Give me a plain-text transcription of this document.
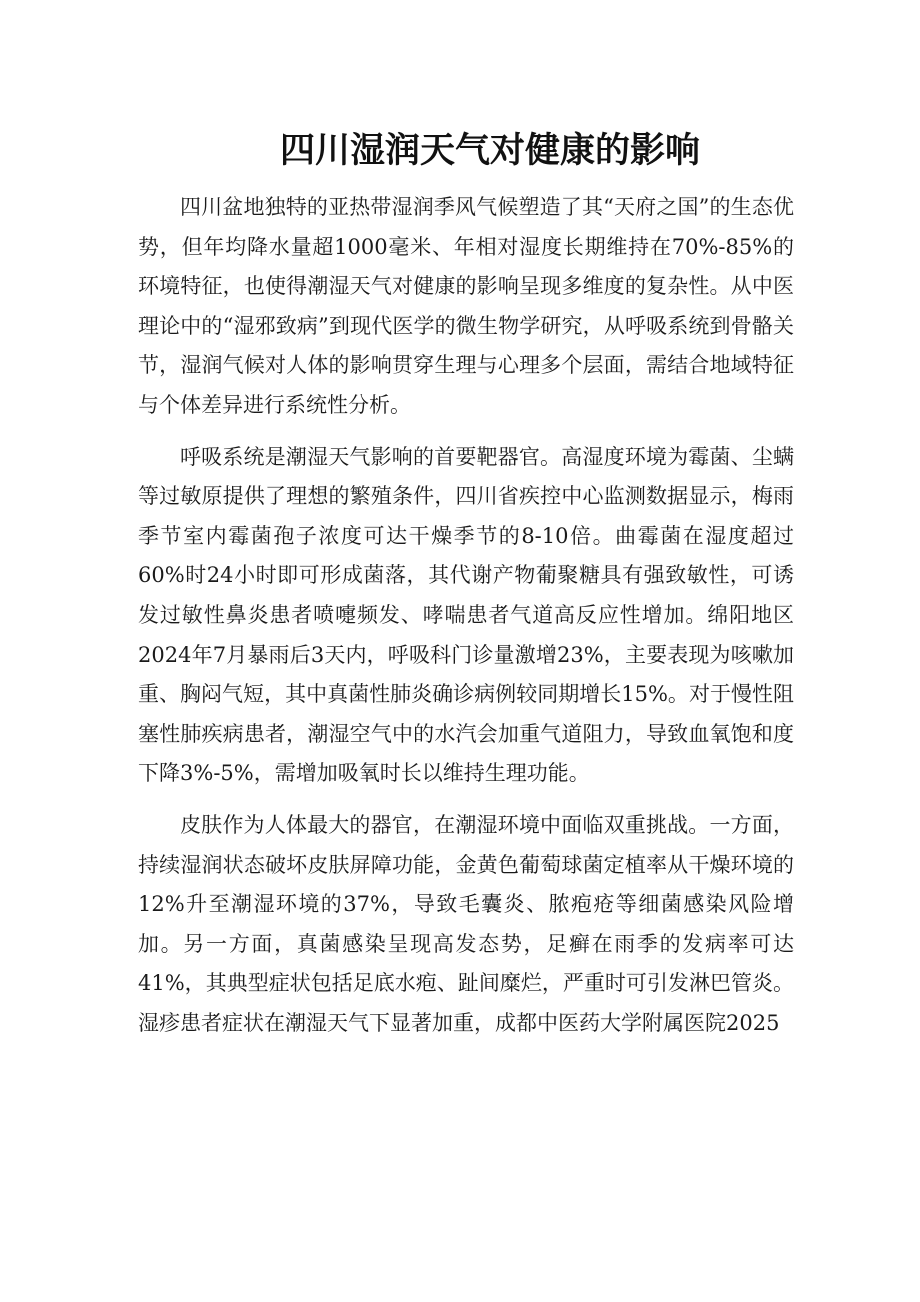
四川湿润天气对健康的影响

四川盆地独特的亚热带湿润季风气候塑造了其“天府之国”的生态优势，但年均降水量超1000毫米、年相对湿度长期维持在70%-85%的环境特征，也使得潮湿天气对健康的影响呈现多维度的复杂性。从中医理论中的“湿邪致病”到现代医学的微生物学研究，从呼吸系统到骨骼关节，湿润气候对人体的影响贯穿生理与心理多个层面，需结合地域特征与个体差异进行系统性分析。

呼吸系统是潮湿天气影响的首要靶器官。高湿度环境为霉菌、尘螨等过敏原提供了理想的繁殖条件，四川省疾控中心监测数据显示，梅雨季节室内霉菌孢子浓度可达干燥季节的8-10倍。曲霉菌在湿度超过60%时24小时即可形成菌落，其代谢产物葡聚糖具有强致敏性，可诱发过敏性鼻炎患者喷嚏频发、哮喘患者气道高反应性增加。绵阳地区2024年7月暴雨后3天内，呼吸科门诊量激增23%，主要表现为咳嗽加重、胸闷气短，其中真菌性肺炎确诊病例较同期增长15%。对于慢性阻塞性肺疾病患者，潮湿空气中的水汽会加重气道阻力，导致血氧饱和度下降3%-5%，需增加吸氧时长以维持生理功能。

皮肤作为人体最大的器官，在潮湿环境中面临双重挑战。一方面，持续湿润状态破坏皮肤屏障功能，金黄色葡萄球菌定植率从干燥环境的12%升至潮湿环境的37%，导致毛囊炎、脓疱疮等细菌感染风险增加。另一方面，真菌感染呈现高发态势，足癣在雨季的发病率可达41%，其典型症状包括足底水疱、趾间糜烂，严重时可引发淋巴管炎。湿疹患者症状在潮湿天气下显著加重，成都中医药大学附属医院2025
